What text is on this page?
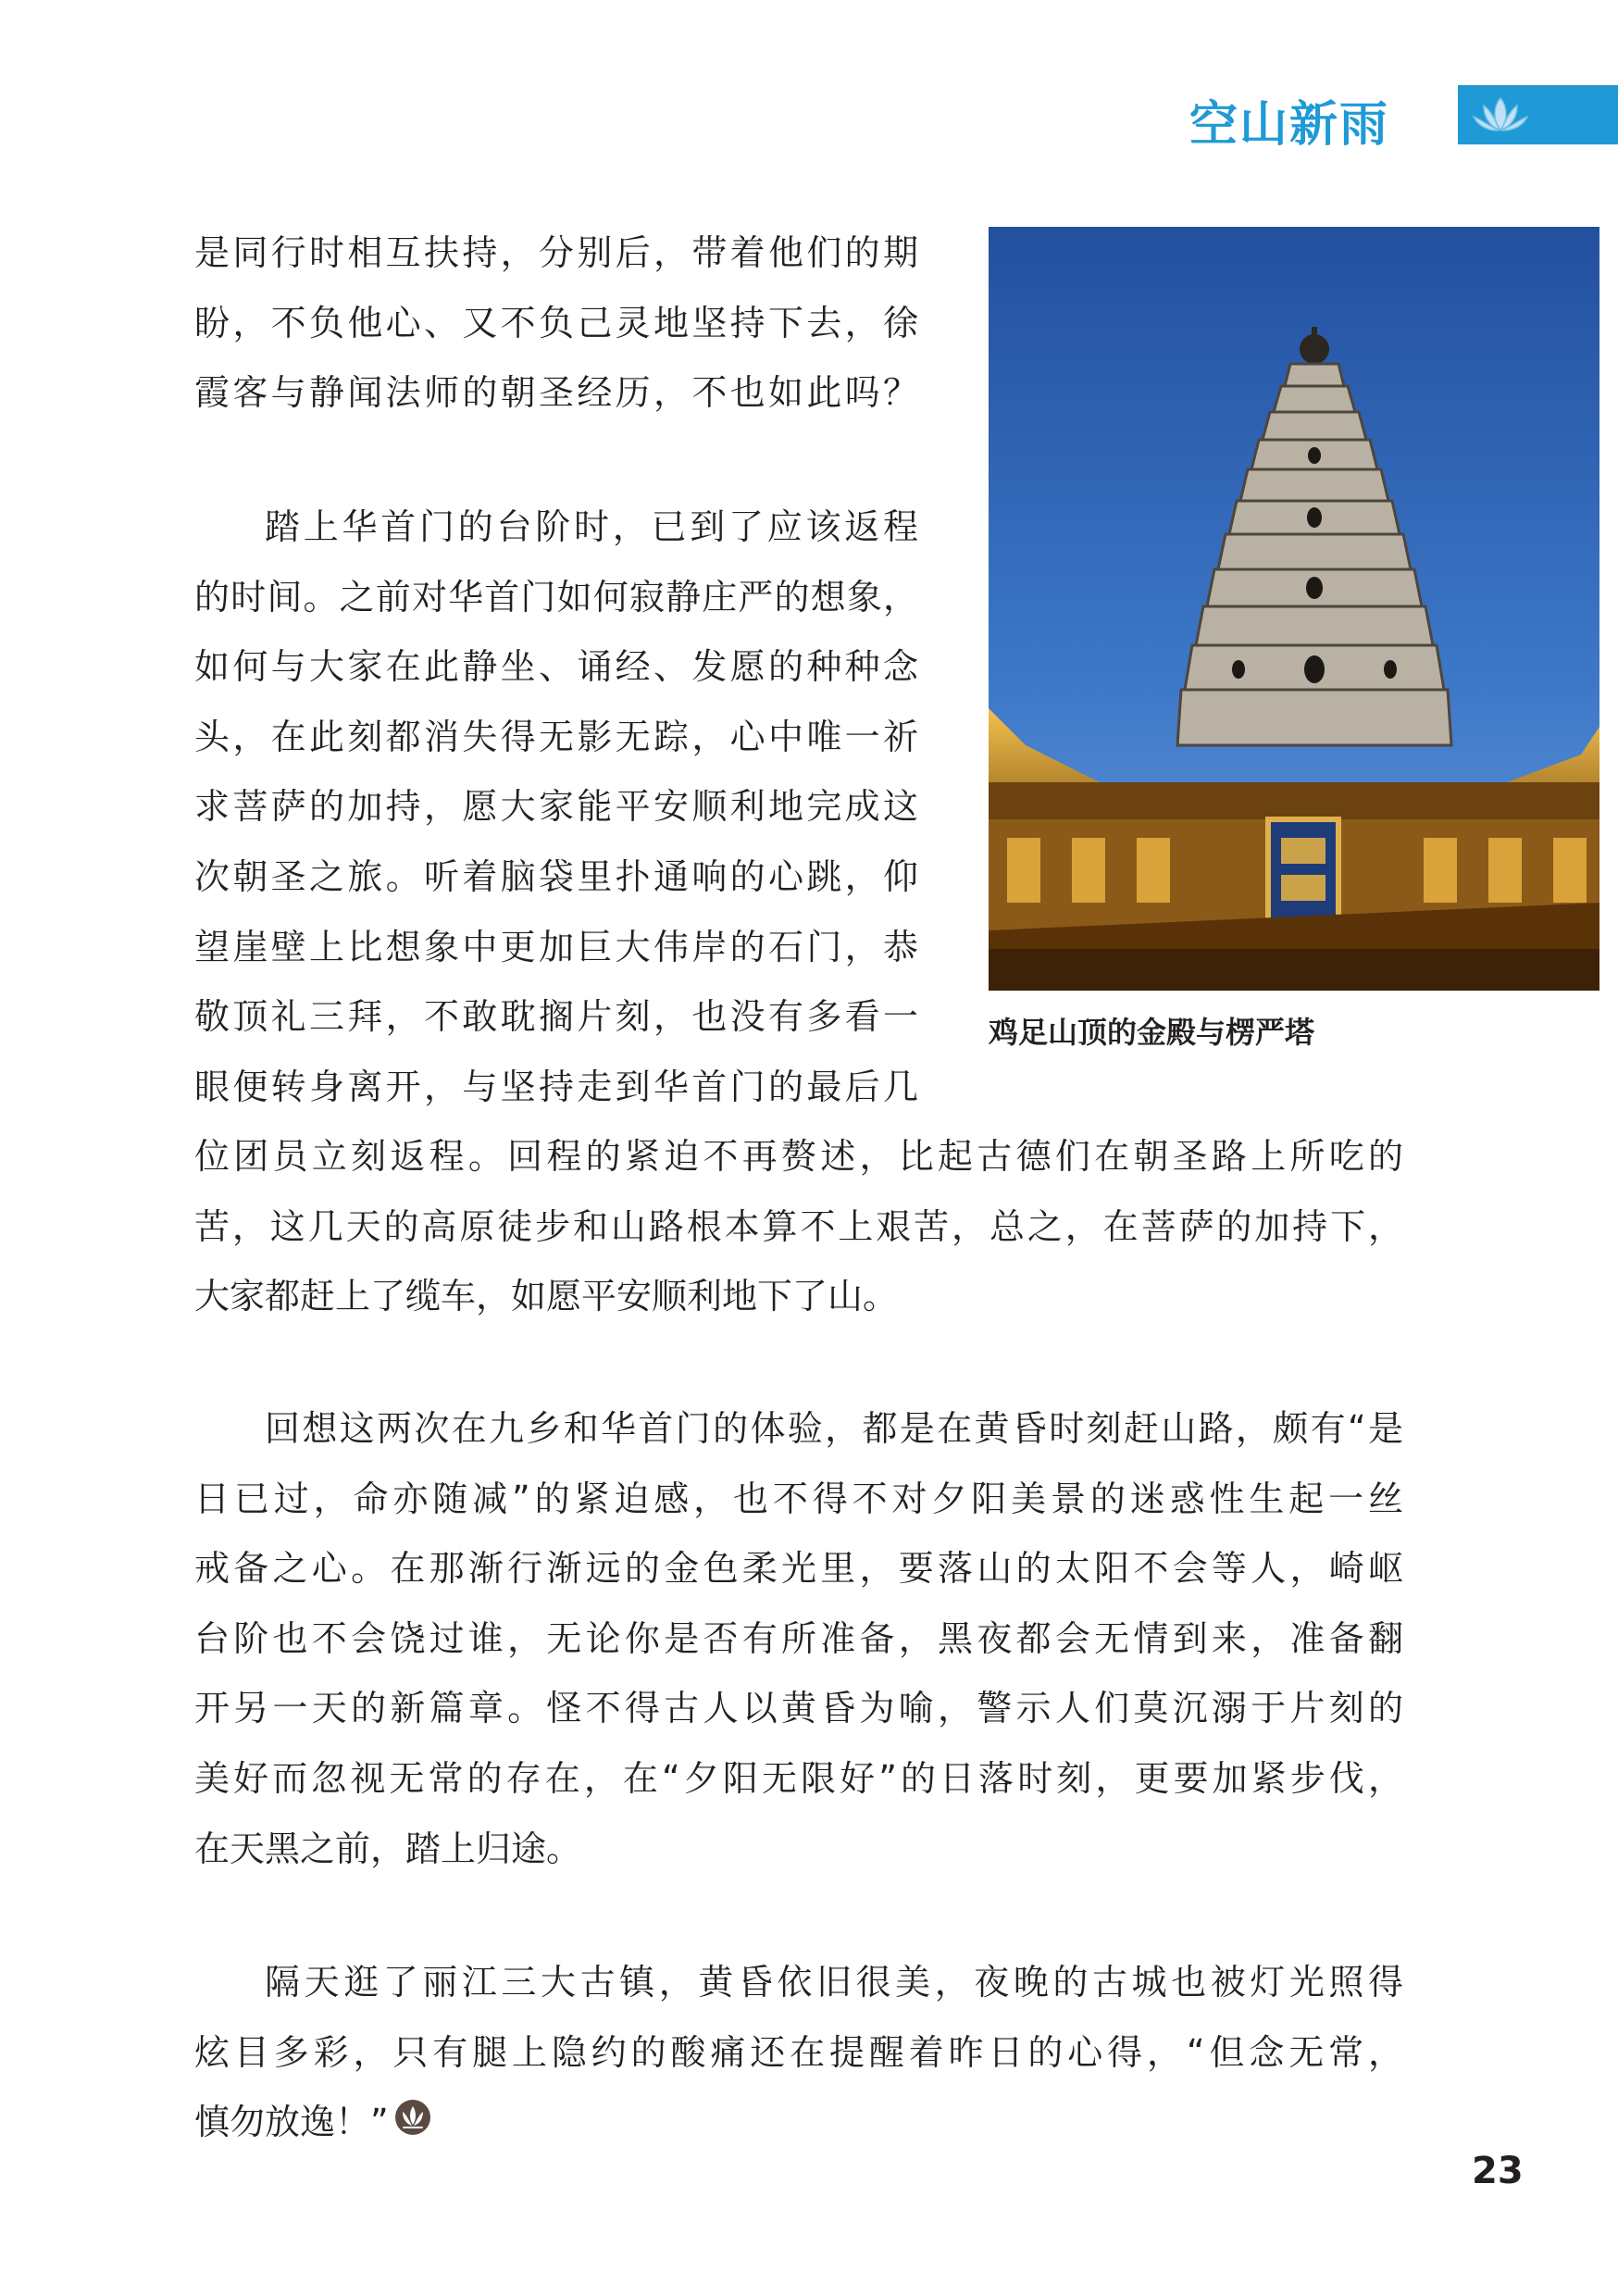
空山新雨
是同行时相互扶持，分别后，带着他们的期
盼，不负他心、又不负己灵地坚持下去，徐
霞客与静闻法师的朝圣经历，不也如此吗？
踏上华首门的台阶时，已到了应该返程
的时间。之前对华首门如何寂静庄严的想象，
如何与大家在此静坐、诵经、发愿的种种念
头，在此刻都消失得无影无踪，心中唯一祈
求菩萨的加持，愿大家能平安顺利地完成这
次朝圣之旅。听着脑袋里扑通响的心跳，仰
望崖壁上比想象中更加巨大伟岸的石门，恭
敬顶礼三拜，不敢耽搁片刻，也没有多看一
眼便转身离开，与坚持走到华首门的最后几
位团员立刻返程。回程的紧迫不再赘述，比起古德们在朝圣路上所吃的
苦，这几天的高原徒步和山路根本算不上艰苦，总之，在菩萨的加持下，
大家都赶上了缆车，如愿平安顺利地下了山。
回想这两次在九乡和华首门的体验，都是在黄昏时刻赶山路，颇有“是
日已过，命亦随减”的紧迫感，也不得不对夕阳美景的迷惑性生起一丝
戒备之心。在那渐行渐远的金色柔光里，要落山的太阳不会等人，崎岖
台阶也不会饶过谁，无论你是否有所准备，黑夜都会无情到来，准备翻
开另一天的新篇章。怪不得古人以黄昏为喻，警示人们莫沉溺于片刻的
美好而忽视无常的存在，在“夕阳无限好”的日落时刻，更要加紧步伐，
在天黑之前，踏上归途。
隔天逛了丽江三大古镇，黄昏依旧很美，夜晚的古城也被灯光照得
炫目多彩，只有腿上隐约的酸痛还在提醒着昨日的心得，“但念无常，
慎勿放逸！”
鸡足山顶的金殿与楞严塔
23
